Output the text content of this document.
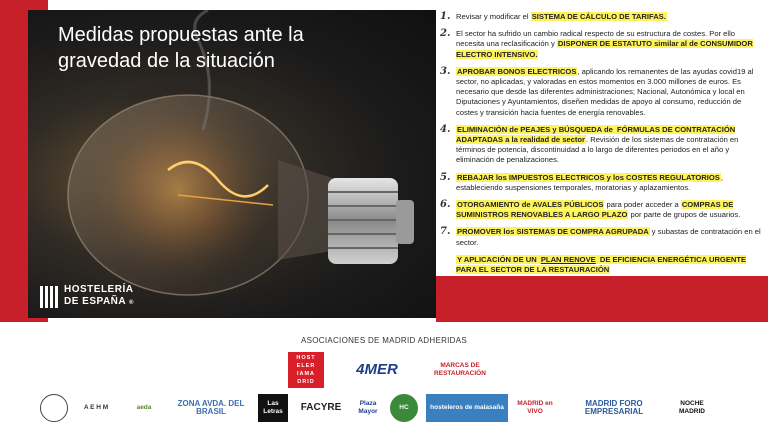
Medidas propuestas ante la gravedad de la situación
HOSTELERÍA
DE ESPAÑA ®
1. Revisar y modificar el SISTEMA DE CÁLCULO DE TARIFAS.
2. El sector ha sufrido un cambio radical respecto de su estructura de costes. Por ello necesita una reclasificación y DISPONER DE ESTATUTO similar al de CONSUMIDOR ELECTRO INTENSIVO.
3. APROBAR BONOS ELECTRICOS, aplicando los remanentes de las ayudas covid19 al sector, no aplicadas, y valoradas en estos momentos en 3.000 millones de euros. Es necesario que desde las diferentes administraciones; Nacional, Autonómica y local en Diputaciones y Ayuntamientos, diseñen medidas de apoyo al consumo, reducción de costes y transición hacia fuentes de energía renovables.
4. ELIMINACIÓN de PEAJES y BÚSQUEDA de FÓRMULAS DE CONTRATACIÓN ADAPTADAS a la realidad de sector. Revisión de los sistemas de contratación en términos de potencia, discontinuidad a lo largo de diferentes periodos en el año y eliminación de penalizaciones.
5. REBAJAR los IMPUESTOS ELECTRICOS y los COSTES REGULATORIOS, estableciendo suspensiones temporales, moratorias y aplazamientos.
6. OTORGAMIENTO de AVALES PÚBLICOS para poder acceder a COMPRAS DE SUMINISTROS RENOVABLES A LARGO PLAZO por parte de grupos de usuarios.
7. PROMOVER los SISTEMAS DE COMPRA AGRUPADA y subastas de contratación en el sector.
Y APLICACIÓN DE UN PLAN RENOVE DE EFICIENCIA ENERGÉTICA URGENTE PARA EL SECTOR DE LA RESTAURACIÓN
ASOCIACIONES DE MADRID ADHERIDAS
HOST ELER IAMA DRID
4MER	MARCAS DE RESTAURACIÓN
A E H M	aeda	ZONA AVDA. DEL BRASIL
Las Letras	FACYRE	Plaza Mayor
HC	hosteleros de malasaña
MADRID en VIVO
MADRID FORO EMPRESARIAL
NOCHE MADRID
